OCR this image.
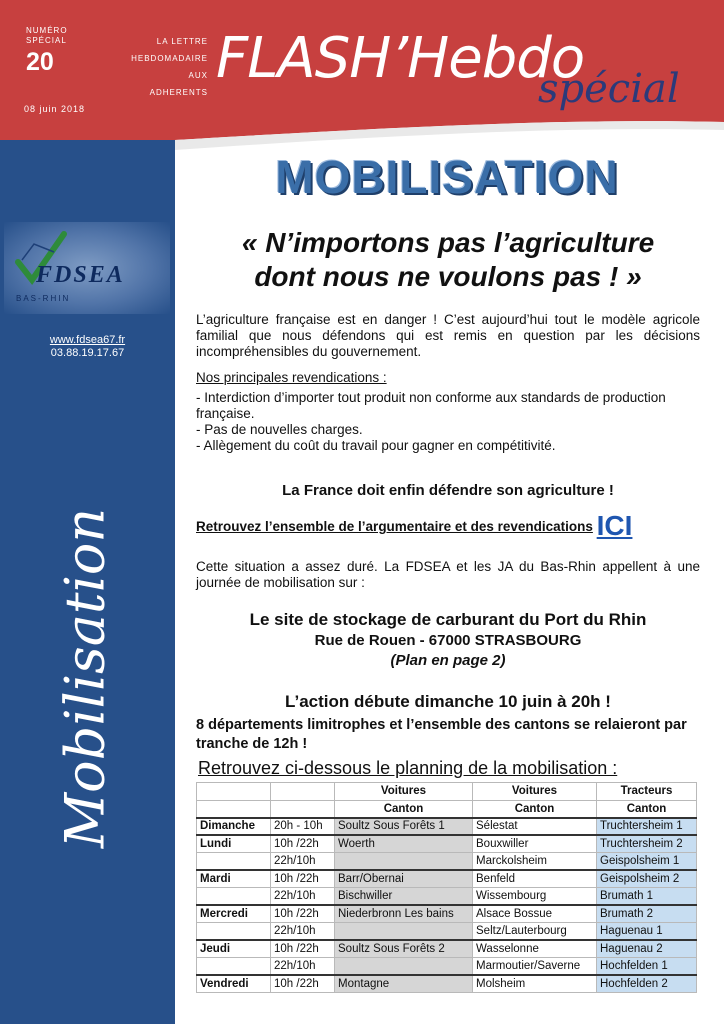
NUMÉRO SPÉCIAL
20
08 juin 2018
LA LETTRE
HEBDOMADAIRE
AUX
ADHERENTS
FLASH’Hebdo
spécial
FDSEA
BAS-RHIN
www.fdsea67.fr
03.88.19.17.67
Mobilisation
MOBILISATION
« N’importons pas l’agriculture
dont nous ne voulons pas ! »
L’agriculture française est en danger ! C’est aujourd’hui tout le modèle agricole familial que nous défendons qui est remis en question par les décisions incompréhensibles du gouvernement.
Nos principales revendications :
- Interdiction d’importer tout produit non conforme aux standards de production française.
- Pas de nouvelles charges.
- Allègement du coût du travail pour gagner en compétitivité.
La France doit enfin défendre son agriculture !
Retrouvez l’ensemble de l’argumentaire et des revendications ICI
Cette situation a assez duré. La FDSEA et les JA du Bas-Rhin appellent à une journée de mobilisation sur :
Le site de stockage de carburant du Port du Rhin
Rue de Rouen - 67000 STRASBOURG
(Plan en page 2)
L’action débute dimanche 10 juin à 20h !
8 départements limitrophes et l’ensemble des cantons se relaieront par tranche de 12h !
Retrouvez ci-dessous le planning de la mobilisation :
		Voitures	Voitures	Tracteurs
		Canton	Canton	Canton
Dimanche	20h - 10h	Soultz Sous Forêts 1	Sélestat	Truchtersheim 1
Lundi	10h /22h	Woerth	Bouxwiller	Truchtersheim 2
	22h/10h		Marckolsheim	Geispolsheim 1
Mardi	10h /22h	Barr/Obernai	Benfeld	Geispolsheim 2
	22h/10h	Bischwiller	Wissembourg	Brumath 1
Mercredi	10h /22h	Niederbronn Les bains	Alsace Bossue	Brumath 2
	22h/10h		Seltz/Lauterbourg	Haguenau 1
Jeudi	10h /22h	Soultz Sous Forêts 2	Wasselonne	Haguenau 2
	22h/10h		Marmoutier/Saverne	Hochfelden 1
Vendredi	10h /22h	Montagne	Molsheim	Hochfelden 2
